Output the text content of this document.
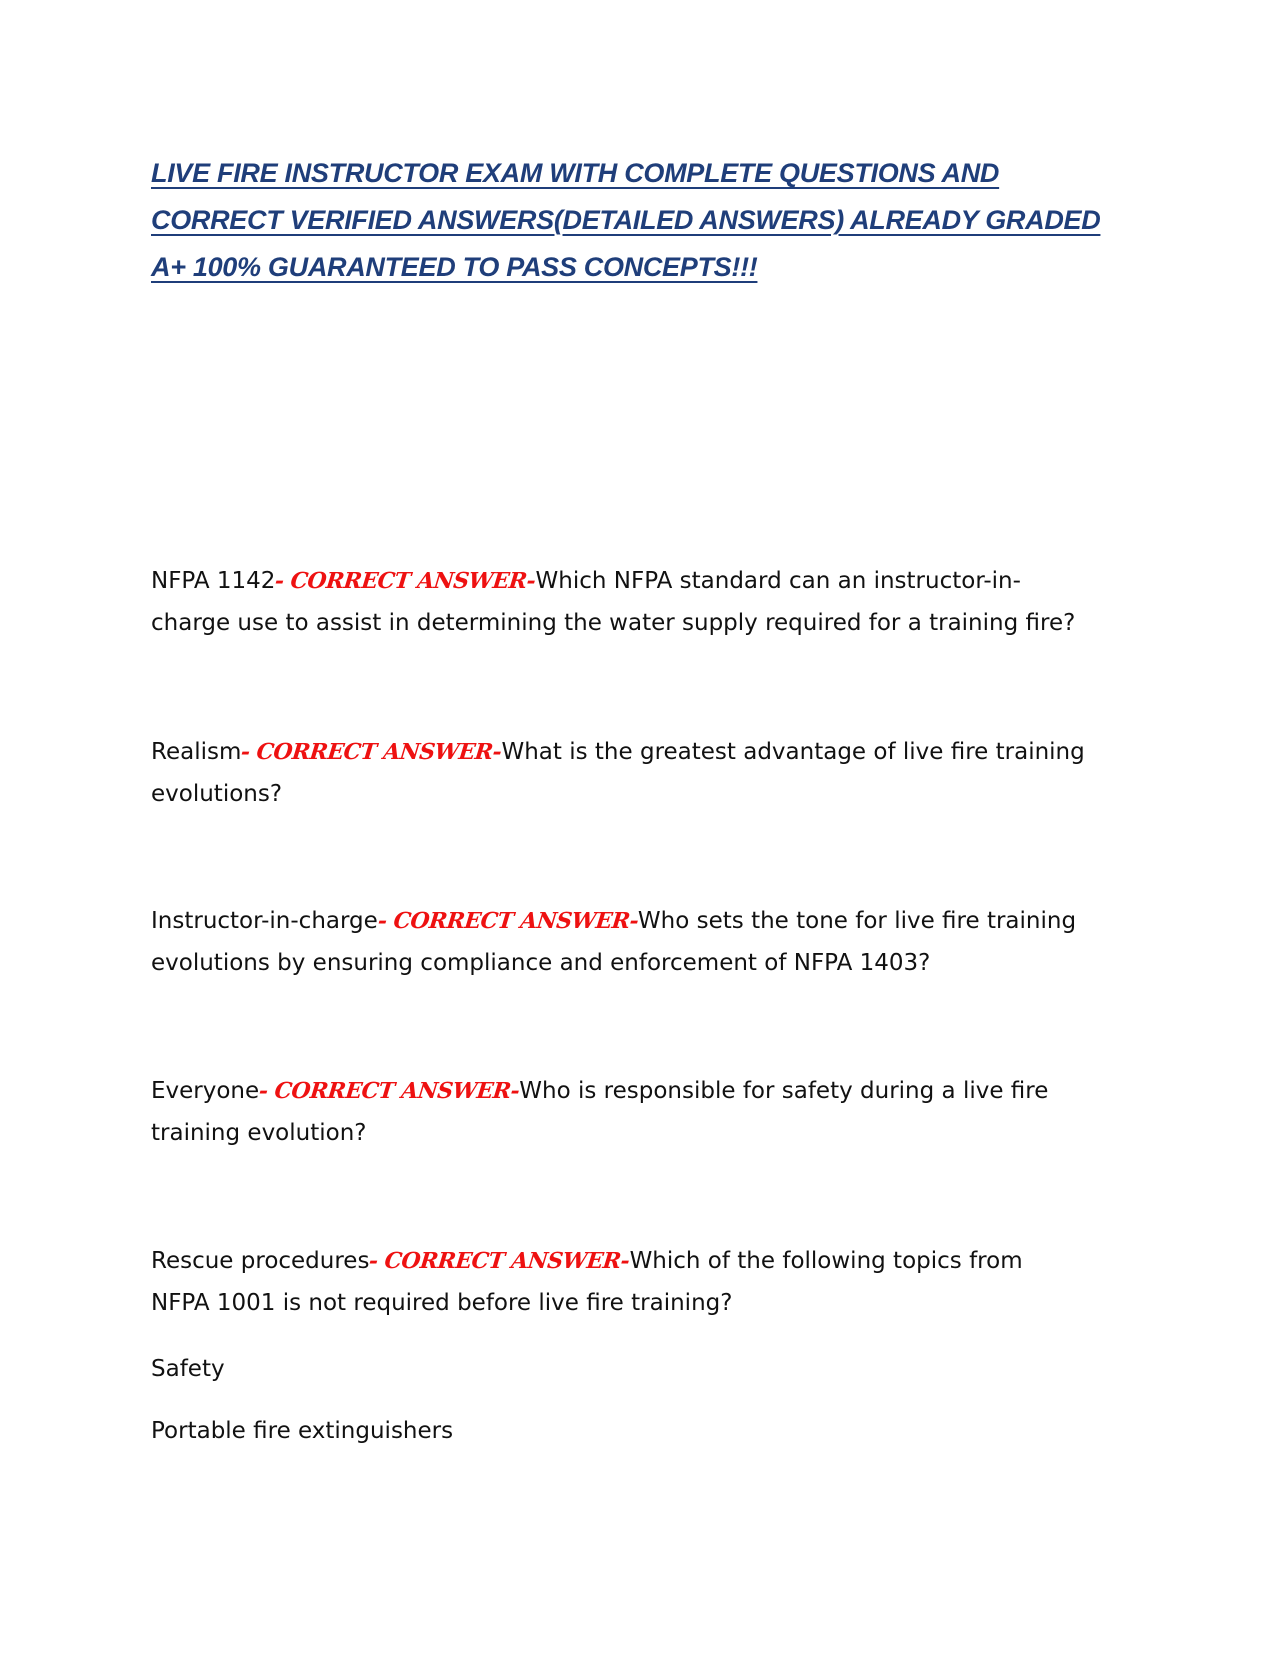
LIVE FIRE INSTRUCTOR EXAM WITH COMPLETE QUESTIONS AND
CORRECT VERIFIED ANSWERS(DETAILED ANSWERS) ALREADY GRADED
A+ 100% GUARANTEED TO PASS CONCEPTS!!!

NFPA 1142- CORRECT ANSWER-Which NFPA standard can an instructor-in-
charge use to assist in determining the water supply required for a training fire?

Realism- CORRECT ANSWER-What is the greatest advantage of live fire training
evolutions?

Instructor-in-charge- CORRECT ANSWER-Who sets the tone for live fire training
evolutions by ensuring compliance and enforcement of NFPA 1403?

Everyone- CORRECT ANSWER-Who is responsible for safety during a live fire
training evolution?

Rescue procedures- CORRECT ANSWER-Which of the following topics from
NFPA 1001 is not required before live fire training?

Safety

Portable fire extinguishers
